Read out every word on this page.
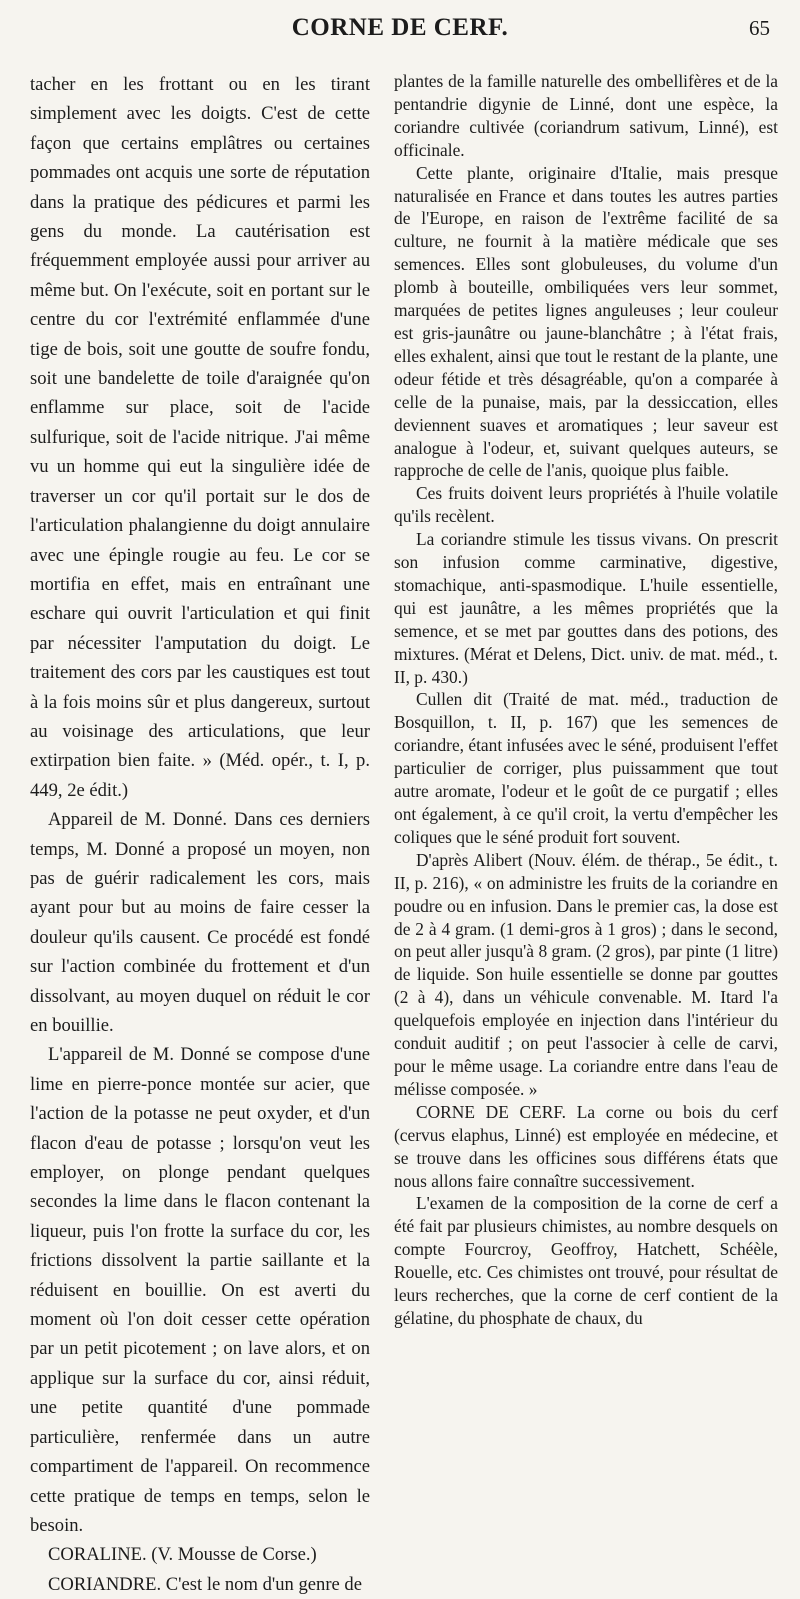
CORNE DE CERF.	65

tacher en les frottant ou en les tirant simplement avec les doigts. C'est de cette façon que certains emplâtres ou certaines pommades ont acquis une sorte de réputation dans la pratique des pédicures et parmi les gens du monde. La cautérisation est fréquemment employée aussi pour arriver au même but. On l'exécute, soit en portant sur le centre du cor l'extrémité enflammée d'une tige de bois, soit une goutte de soufre fondu, soit une bandelette de toile d'araignée qu'on enflamme sur place, soit de l'acide sulfurique, soit de l'acide nitrique. J'ai même vu un homme qui eut la singulière idée de traverser un cor qu'il portait sur le dos de l'articulation phalangienne du doigt annulaire avec une épingle rougie au feu. Le cor se mortifia en effet, mais en entraînant une eschare qui ouvrit l'articulation et qui finit par nécessiter l'amputation du doigt. Le traitement des cors par les caustiques est tout à la fois moins sûr et plus dangereux, surtout au voisinage des articulations, que leur extirpation bien faite. » (Méd. opér., t. I, p. 449, 2e édit.)

Appareil de M. Donné. Dans ces derniers temps, M. Donné a proposé un moyen, non pas de guérir radicalement les cors, mais ayant pour but au moins de faire cesser la douleur qu'ils causent. Ce procédé est fondé sur l'action combinée du frottement et d'un dissolvant, au moyen duquel on réduit le cor en bouillie.

L'appareil de M. Donné se compose d'une lime en pierre-ponce montée sur acier, que l'action de la potasse ne peut oxyder, et d'un flacon d'eau de potasse ; lorsqu'on veut les employer, on plonge pendant quelques secondes la lime dans le flacon contenant la liqueur, puis l'on frotte la surface du cor, les frictions dissolvent la partie saillante et la réduisent en bouillie. On est averti du moment où l'on doit cesser cette opération par un petit picotement ; on lave alors, et on applique sur la surface du cor, ainsi réduit, une petite quantité d'une pommade particulière, renfermée dans un autre compartiment de l'appareil. On recommence cette pratique de temps en temps, selon le besoin.

CORALINE. (V. Mousse de Corse.)

CORIANDRE. C'est le nom d'un genre de

plantes de la famille naturelle des ombellifères et de la pentandrie digynie de Linné, dont une espèce, la coriandre cultivée (coriandrum sativum, Linné), est officinale.

Cette plante, originaire d'Italie, mais presque naturalisée en France et dans toutes les autres parties de l'Europe, en raison de l'extrême facilité de sa culture, ne fournit à la matière médicale que ses semences. Elles sont globuleuses, du volume d'un plomb à bouteille, ombiliquées vers leur sommet, marquées de petites lignes anguleuses ; leur couleur est gris-jaunâtre ou jaune-blanchâtre ; à l'état frais, elles exhalent, ainsi que tout le restant de la plante, une odeur fétide et très désagréable, qu'on a comparée à celle de la punaise, mais, par la dessiccation, elles deviennent suaves et aromatiques ; leur saveur est analogue à l'odeur, et, suivant quelques auteurs, se rapproche de celle de l'anis, quoique plus faible.

Ces fruits doivent leurs propriétés à l'huile volatile qu'ils recèlent.

La coriandre stimule les tissus vivans. On prescrit son infusion comme carminative, digestive, stomachique, anti-spasmodique. L'huile essentielle, qui est jaunâtre, a les mêmes propriétés que la semence, et se met par gouttes dans des potions, des mixtures. (Mérat et Delens, Dict. univ. de mat. méd., t. II, p. 430.)

Cullen dit (Traité de mat. méd., traduction de Bosquillon, t. II, p. 167) que les semences de coriandre, étant infusées avec le séné, produisent l'effet particulier de corriger, plus puissamment que tout autre aromate, l'odeur et le goût de ce purgatif ; elles ont également, à ce qu'il croit, la vertu d'empêcher les coliques que le séné produit fort souvent.

D'après Alibert (Nouv. élém. de thérap., 5e édit., t. II, p. 216), « on administre les fruits de la coriandre en poudre ou en infusion. Dans le premier cas, la dose est de 2 à 4 gram. (1 demi-gros à 1 gros) ; dans le second, on peut aller jusqu'à 8 gram. (2 gros), par pinte (1 litre) de liquide. Son huile essentielle se donne par gouttes (2 à 4), dans un véhicule convenable. M. Itard l'a quelquefois employée en injection dans l'intérieur du conduit auditif ; on peut l'associer à celle de carvi, pour le même usage. La coriandre entre dans l'eau de mélisse composée. »

CORNE DE CERF. La corne ou bois du cerf (cervus elaphus, Linné) est employée en médecine, et se trouve dans les officines sous différens états que nous allons faire connaître successivement.

L'examen de la composition de la corne de cerf a été fait par plusieurs chimistes, au nombre desquels on compte Fourcroy, Geoffroy, Hatchett, Schéèle, Rouelle, etc. Ces chimistes ont trouvé, pour résultat de leurs recherches, que la corne de cerf contient de la gélatine, du phosphate de chaux, du
